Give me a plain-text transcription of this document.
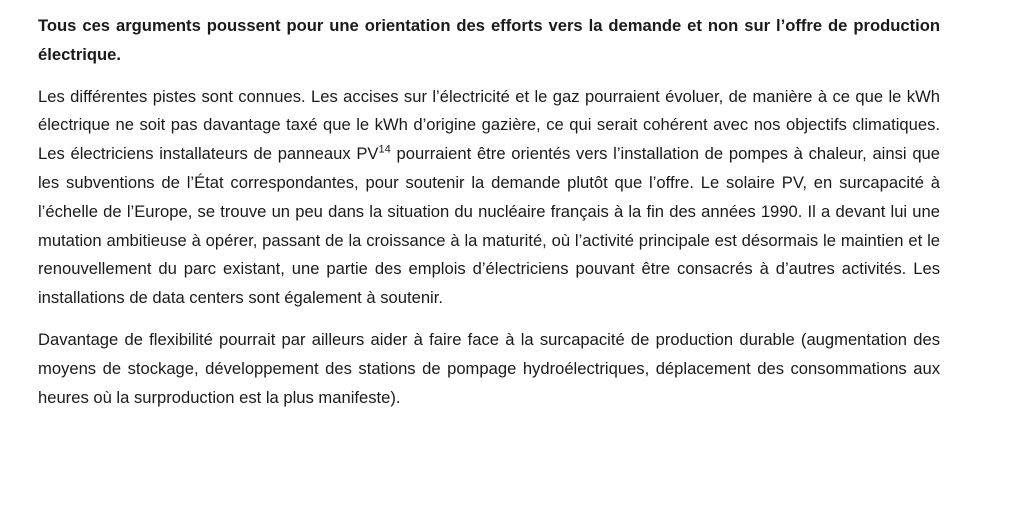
Tous ces arguments poussent pour une orientation des efforts vers la demande et non sur l’offre de production électrique.

Les différentes pistes sont connues. Les accises sur l’électricité et le gaz pourraient évoluer, de manière à ce que le kWh électrique ne soit pas davantage taxé que le kWh d’origine gazière, ce qui serait cohérent avec nos objectifs climatiques. Les électriciens installateurs de panneaux PV$^{14}$ pourraient être orientés vers l’installation de pompes à chaleur, ainsi que les subventions de l’État correspondantes, pour soutenir la demande plutôt que l’offre. Le solaire PV, en surcapacité à l’échelle de l’Europe, se trouve un peu dans la situation du nucléaire français à la fin des années 1990. Il a devant lui une mutation ambitieuse à opérer, passant de la croissance à la maturité, où l’activité principale est désormais le maintien et le renouvellement du parc existant, une partie des emplois d’électriciens pouvant être consacrés à d’autres activités. Les installations de data centers sont également à soutenir.

Davantage de flexibilité pourrait par ailleurs aider à faire face à la surcapacité de production durable (augmentation des moyens de stockage, développement des stations de pompage hydroélectriques, déplacement des consommations aux heures où la surproduction est la plus manifeste).
